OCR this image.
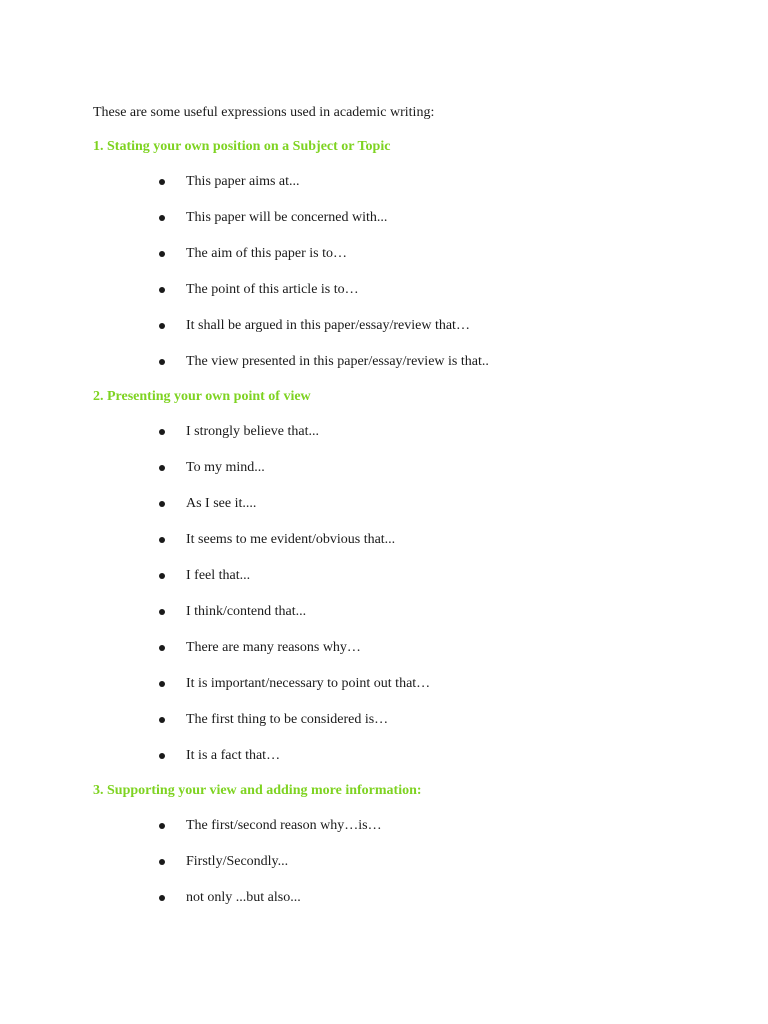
These are some useful expressions used in academic writing:
1. Stating your own position on a Subject or Topic
This paper aims at...
This paper will be concerned with...
The aim of this paper is to…
The point of this article is to…
It shall be argued in this paper/essay/review that…
The view presented in this paper/essay/review is that..
2. Presenting your own point of view
I strongly believe that...
To my mind...
As I see it....
It seems to me evident/obvious that...
I feel that...
I think/contend that...
There are many reasons why…
It is important/necessary to point out that…
The first thing to be considered is…
It is a fact that…
3. Supporting your view and adding more information:
The first/second reason why…is…
Firstly/Secondly...
not only ...but also...
